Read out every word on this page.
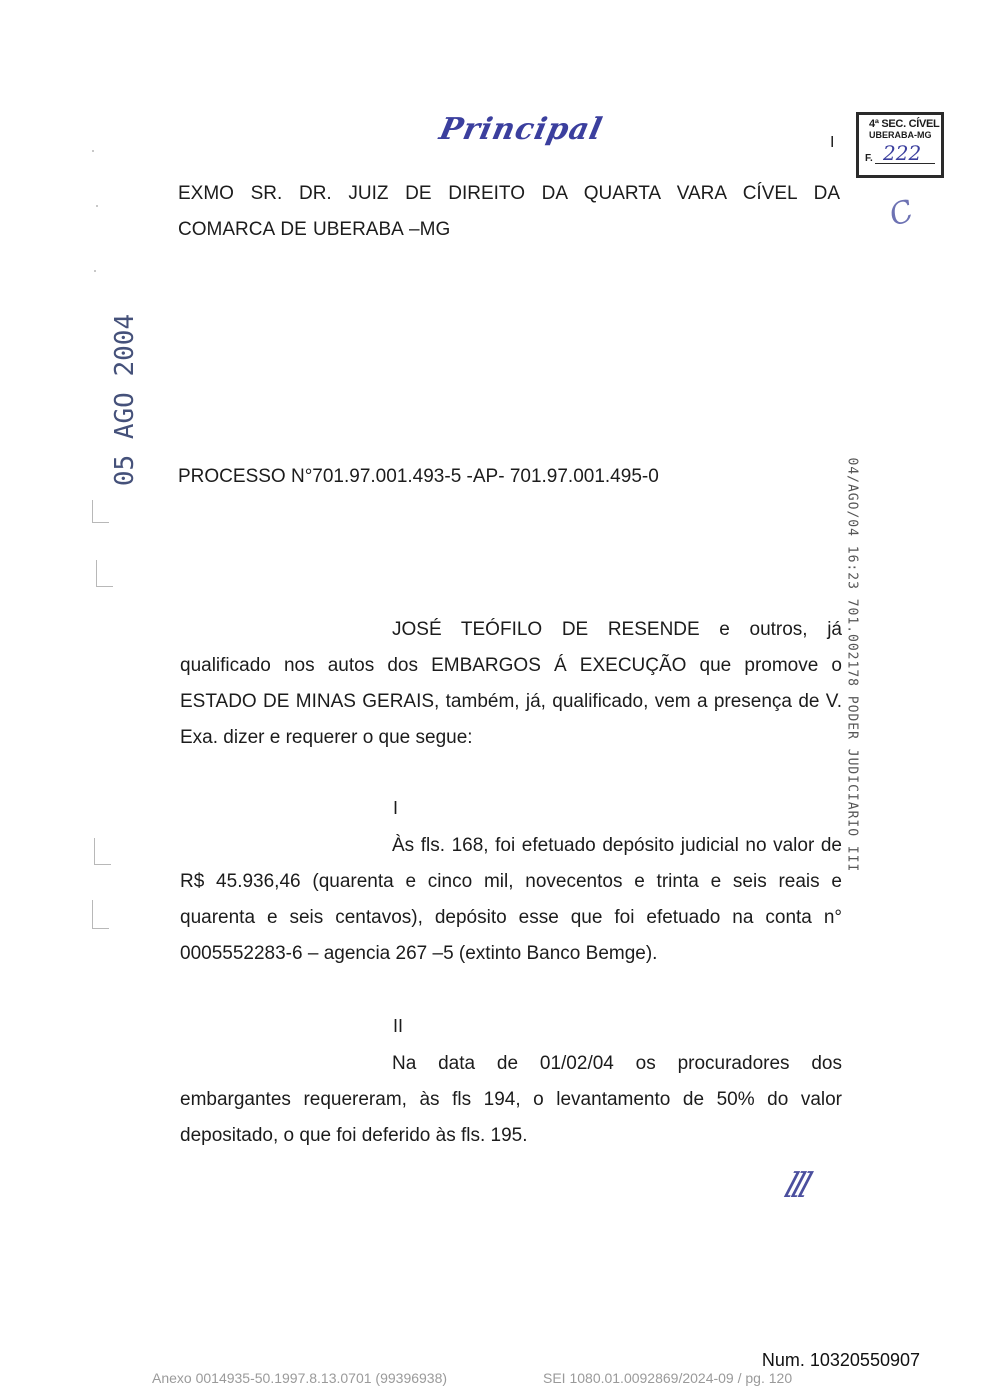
Principal	I
4ª SEC. CÍVEL
UBERABA-MG
F. 222
C
05 AGO 2004
04/AGO/04 16:23 701.002178 PODER JUDICIARIO III

EXMO SR. DR. JUIZ DE DIREITO DA QUARTA VARA CÍVEL DA

COMARCA DE UBERABA –MG

PROCESSO N°701.97.001.493-5 -AP- 701.97.001.495-0

JOSÉ TEÓFILO DE RESENDE e outros, já qualificado nos autos dos EMBARGOS Á EXECUÇÃO que promove o ESTADO DE MINAS GERAIS, também, já, qualificado, vem a presença de V. Exa. dizer e requerer o que segue:

I

Às fls. 168, foi efetuado depósito judicial no valor de R$ 45.936,46 (quarenta e cinco mil, novecentos e trinta e seis reais e quarenta e seis centavos), depósito esse que foi efetuado na conta n° 0005552283-6 – agencia 267 –5 (extinto Banco Bemge).

II

Na data de 01/02/04 os procuradores dos embargantes requereram, às fls 194, o levantamento de 50% do valor depositado, o que foi deferido às fls. 195.

lll
Num. 10320550907
Anexo 0014935-50.1997.8.13.0701 (99396938)	SEI 1080.01.0092869/2024-09 / pg. 120
